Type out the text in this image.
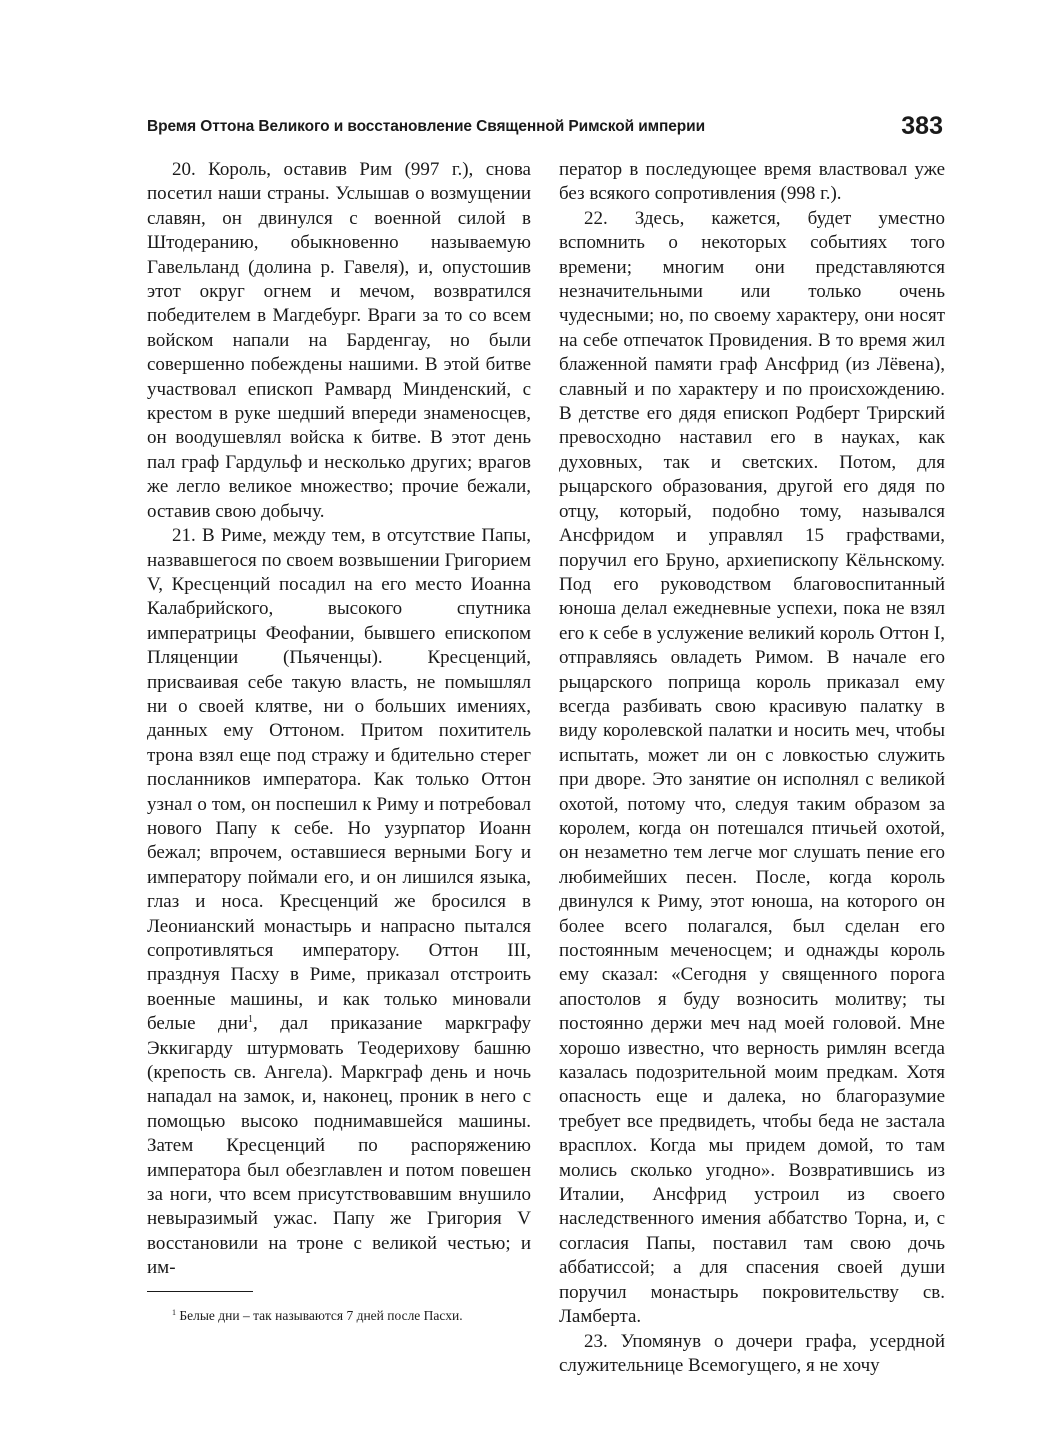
Время Оттона Великого и восстановление Священной Римской империи	383

20. Король, оставив Рим (997 г.), снова посетил наши страны. Услышав о возмущении славян, он двинулся с военной силой в Штодеранию, обыкновенно называемую Гавельланд (долина р. Гавеля), и, опустошив этот округ огнем и мечом, возвратился победителем в Магдебург. Враги за то со всем войском напали на Барденгау, но были совершенно побеждены нашими. В этой битве участвовал епископ Рамвард Минденский, с крестом в руке шедший впереди знаменосцев, он воодушевлял войска к битве. В этот день пал граф Гардульф и несколько других; врагов же легло великое множество; прочие бежали, оставив свою добычу.

21. В Риме, между тем, в отсутствие Папы, назвавшегося по своем возвышении Григорием V, Кресценций посадил на его место Иоанна Калабрийского, высокого спутника императрицы Феофании, бывшего епископом Пляценции (Пьяченцы). Кресценций, присваивая себе такую власть, не помышлял ни о своей клятве, ни о больших имениях, данных ему Оттоном. Притом похититель трона взял еще под стражу и бдительно стерег посланников императора. Как только Оттон узнал о том, он поспешил к Риму и потребовал нового Папу к себе. Но узурпатор Иоанн бежал; впрочем, оставшиеся верными Богу и императору поймали его, и он лишился языка, глаз и носа. Кресценций же бросился в Леонианский монастырь и напрасно пытался сопротивляться императору. Оттон III, празднуя Пасху в Риме, приказал отстроить военные машины, и как только миновали белые дни$^1$, дал приказание маркграфу Эккигарду штурмовать Теодерихову башню (крепость св. Ангела). Маркграф день и ночь нападал на замок, и, наконец, проник в него с помощью высоко поднимавшейся машины. Затем Кресценций по распоряжению императора был обезглавлен и потом повешен за ноги, что всем присутствовавшим внушило невыразимый ужас. Папу же Григория V восстановили на троне с великой честью; и им-

ператор в последующее время властвовал уже без всякого сопротивления (998 г.).

22. Здесь, кажется, будет уместно вспомнить о некоторых событиях того времени; многим они представляются незначительными или только очень чудесными; но, по своему характеру, они носят на себе отпечаток Провидения. В то время жил блаженной памяти граф Ансфрид (из Лёвена), славный и по характеру и по происхождению. В детстве его дядя епископ Родберт Трирский превосходно наставил его в науках, как духовных, так и светских. Потом, для рыцарского образования, другой его дядя по отцу, который, подобно тому, назывался Ансфридом и управлял 15 графствами, поручил его Бруно, архиепископу Кёльнскому. Под его руководством благовоспитанный юноша делал ежедневные успехи, пока не взял его к себе в услужение великий король Оттон I, отправляясь овладеть Римом. В начале его рыцарского поприща король приказал ему всегда разбивать свою красивую палатку в виду королевской палатки и носить меч, чтобы испытать, может ли он с ловкостью служить при дворе. Это занятие он исполнял с великой охотой, потому что, следуя таким образом за королем, когда он потешался птичьей охотой, он незаметно тем легче мог слушать пение его любимейших песен. После, когда король двинулся к Риму, этот юноша, на которого он более всего полагался, был сделан его постоянным меченосцем; и однажды король ему сказал: «Сегодня у священного порога апостолов я буду возносить молитву; ты постоянно держи меч над моей головой. Мне хорошо известно, что верность римлян всегда казалась подозрительной моим предкам. Хотя опасность еще и далека, но благоразумие требует все предвидеть, чтобы беда не застала врасплох. Когда мы придем домой, то там молись сколько угодно». Возвратившись из Италии, Ансфрид устроил из своего наследственного имения аббатство Торна, и, с согласия Папы, поставил там свою дочь аббатиссой; а для спасения своей души поручил монастырь покровительству св. Ламберта.

23. Упомянув о дочери графа, усердной служительнице Всемогущего, я не хочу

$^1$ Белые дни – так называются 7 дней после Пасхи.
